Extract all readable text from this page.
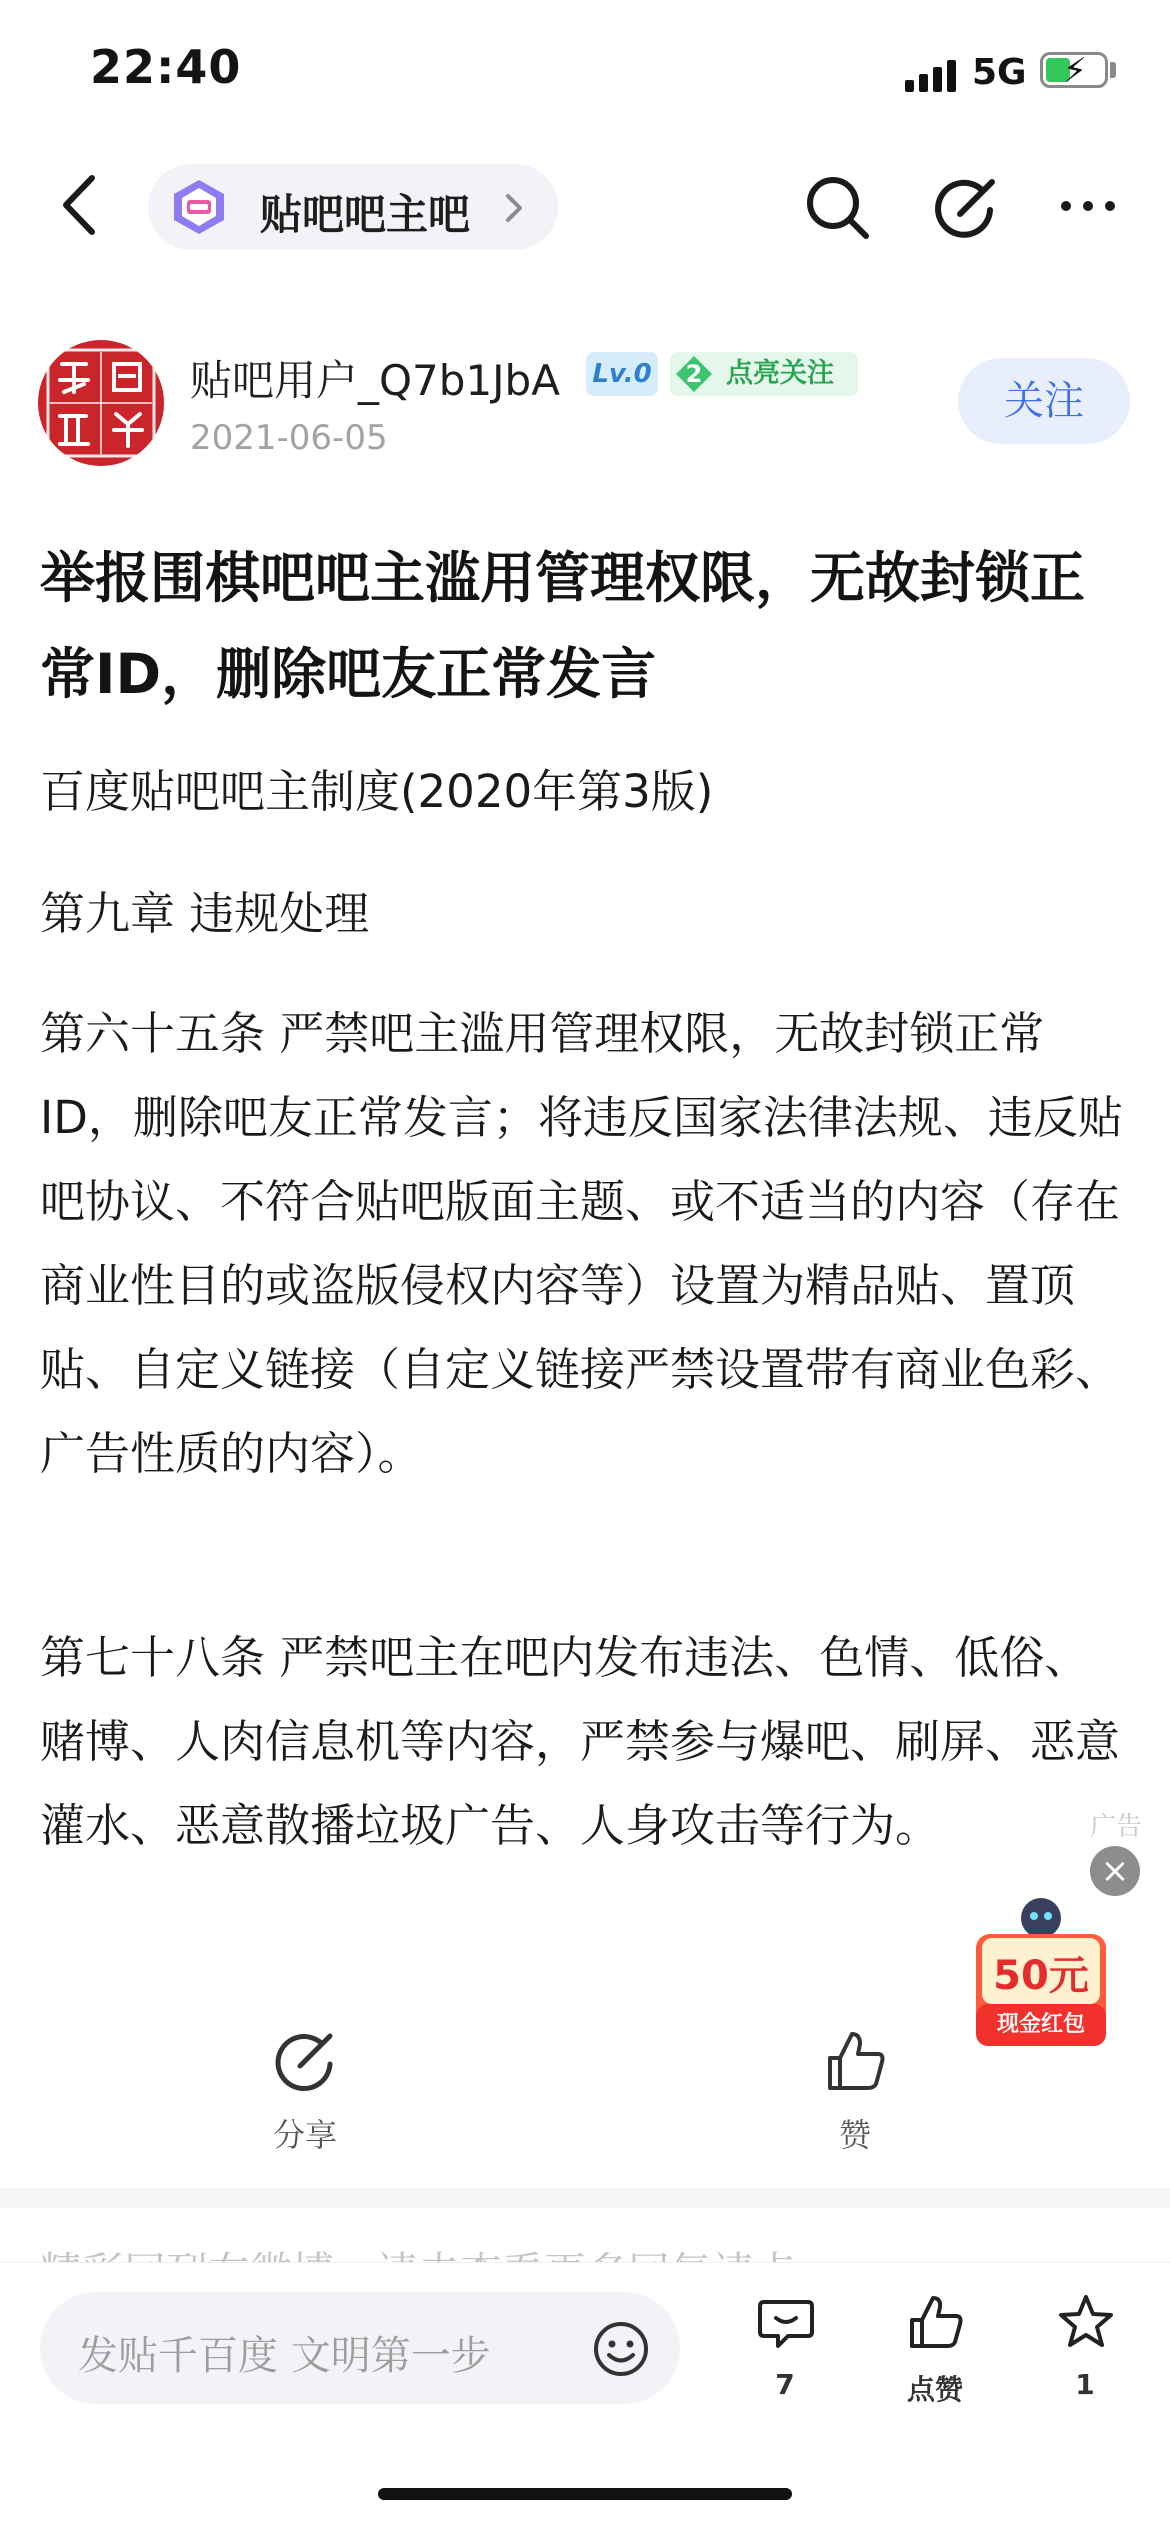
22:40	5G ⚡
贴吧吧主吧
贴吧用户_Q7b1JbA Lv.0	2 点亮关注
2021-06-05
关注
举报围棋吧吧主滥用管理权限，无故封锁正常ID，删除吧友正常发言
百度贴吧吧主制度(2020年第3版)
第九章 违规处理
第六十五条 严禁吧主滥用管理权限，无故封锁正常ID，删除吧友正常发言；将违反国家法律法规、违反贴吧协议、不符合贴吧版面主题、或不适当的内容（存在商业性目的或盗版侵权内容等）设置为精品贴、置顶贴、自定义链接（自定义链接严禁设置带有商业色彩、广告性质的内容）。
第七十八条 严禁吧主在吧内发布违法、色情、低俗、赌博、人肉信息机等内容，严禁参与爆吧、刷屏、恶意灌水、恶意散播垃圾广告、人身攻击等行为。	广告
×
50元
现金红包
分享	赞
发贴千百度 文明第一步
7	点赞	1
